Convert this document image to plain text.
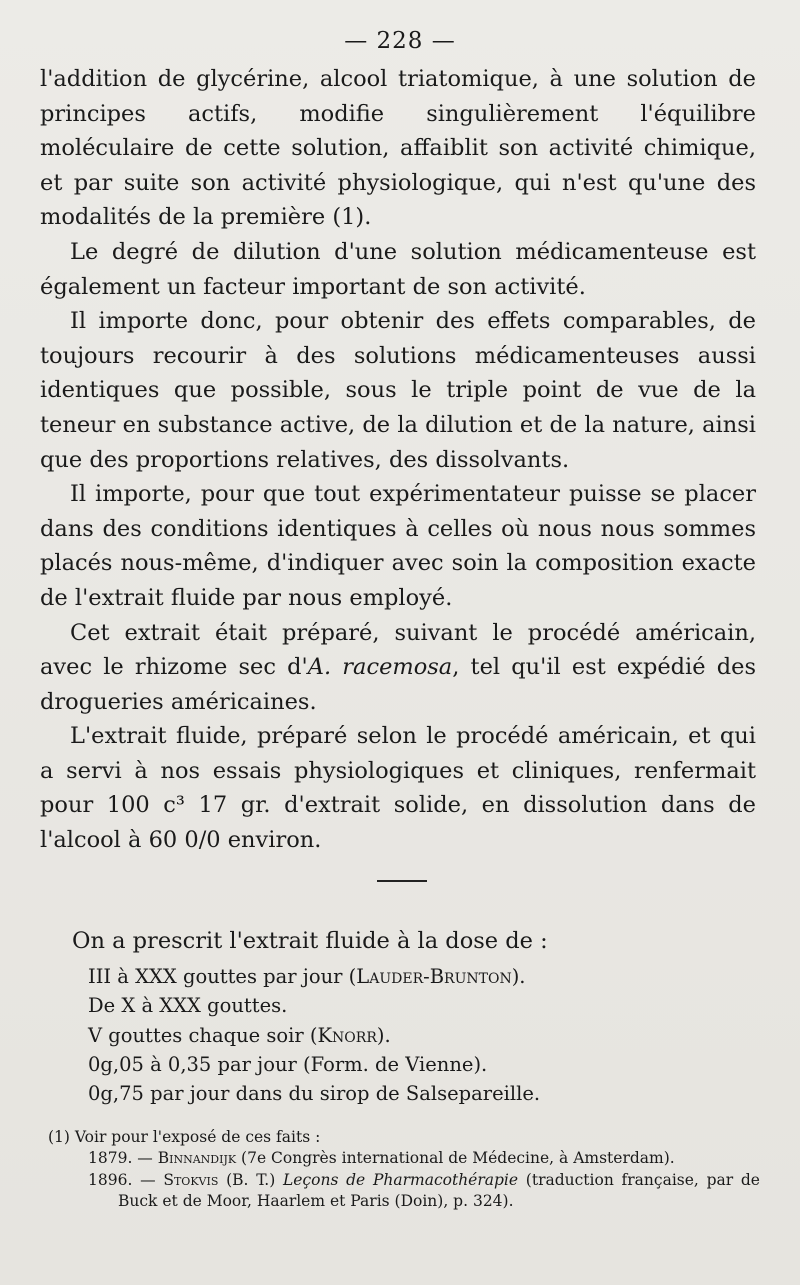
— 228 —

l'addition de glycérine, alcool triatomique, à une solution de principes actifs, modifie singulièrement l'équilibre moléculaire de cette solution, affaiblit son activité chimique, et par suite son activité physiologique, qui n'est qu'une des modalités de la première (1).

Le degré de dilution d'une solution médicamenteuse est également un facteur important de son activité.

Il importe donc, pour obtenir des effets comparables, de toujours recourir à des solutions médicamenteuses aussi identiques que possible, sous le triple point de vue de la teneur en substance active, de la dilution et de la nature, ainsi que des proportions relatives, des dissolvants.

Il importe, pour que tout expérimentateur puisse se placer dans des conditions identiques à celles où nous nous sommes placés nous-même, d'indiquer avec soin la composition exacte de l'extrait fluide par nous employé.

Cet extrait était préparé, suivant le procédé américain, avec le rhizome sec d'A. racemosa, tel qu'il est expédié des drogueries américaines.

L'extrait fluide, préparé selon le procédé américain, et qui a servi à nos essais physiologiques et cliniques, renfermait pour 100 c³ 17 gr. d'extrait solide, en dissolution dans de l'alcool à 60 0/0 environ.

On a prescrit l'extrait fluide à la dose de :
III à XXX gouttes par jour (Lauder-Brunton).
De X à XXX gouttes.
V gouttes chaque soir (Knorr).
0g,05 à 0,35 par jour (Form. de Vienne).
0g,75 par jour dans du sirop de Salsepareille.
(1) Voir pour l'exposé de ces faits :
1879. — Binnandijk (7e Congrès international de Médecine, à Amsterdam).
1896. — Stokvis (B. T.) Leçons de Pharmacothérapie (traduction française, par de Buck et de Moor, Haarlem et Paris (Doin), p. 324).
